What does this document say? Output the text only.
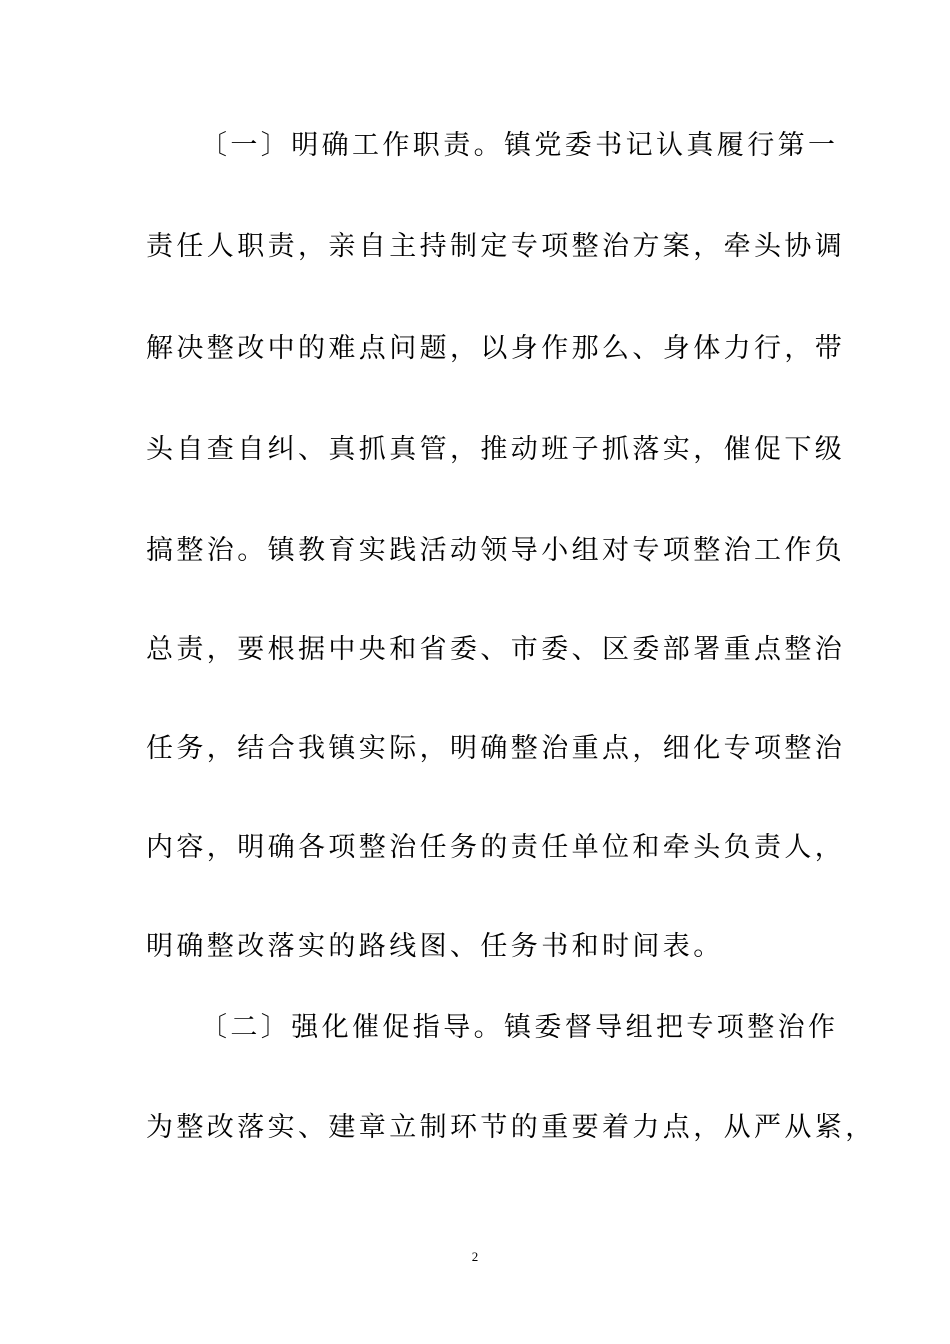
〔一〕明确工作职责。镇党委书记认真履行第一
责任人职责，亲自主持制定专项整治方案，牵头协调
解决整改中的难点问题，以身作那么、身体力行，带
头自查自纠、真抓真管，推动班子抓落实，催促下级
搞整治。镇教育实践活动领导小组对专项整治工作负
总责，要根据中央和省委、市委、区委部署重点整治
任务，结合我镇实际，明确整治重点，细化专项整治
内容，明确各项整治任务的责任单位和牵头负责人，
明确整改落实的路线图、任务书和时间表。
〔二〕强化催促指导。镇委督导组把专项整治作
为整改落实、建章立制环节的重要着力点，从严从紧，
2
